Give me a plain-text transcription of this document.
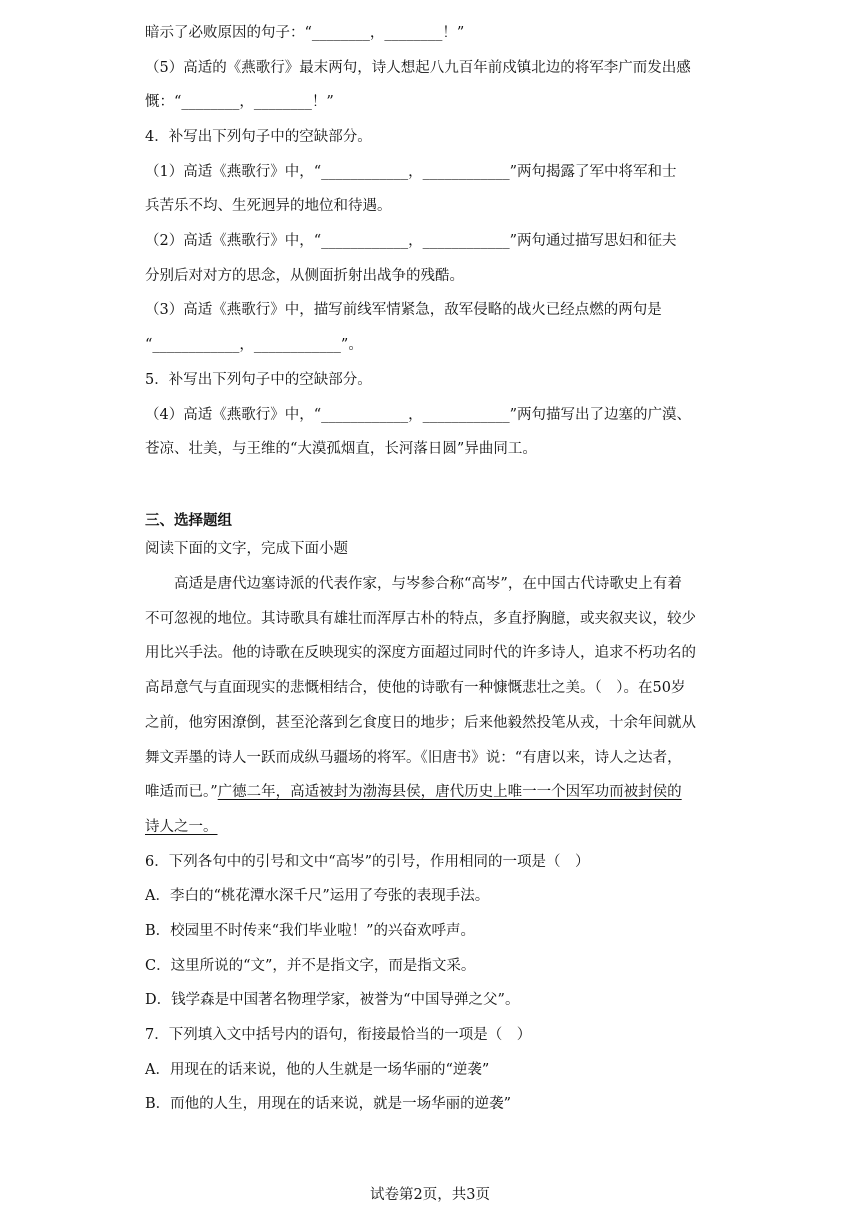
暗示了必败原因的句子：“________，________！”
（5）高适的《燕歌行》最末两句，诗人想起八九百年前戍镇北边的将军李广而发出感
慨：“________，________！”
4．补写出下列句子中的空缺部分。
（1）高适《燕歌行》中，“____________，____________”两句揭露了军中将军和士
兵苦乐不均、生死迥异的地位和待遇。
（2）高适《燕歌行》中，“____________，____________”两句通过描写思妇和征夫
分别后对对方的思念，从侧面折射出战争的残酷。
（3）高适《燕歌行》中，描写前线军情紧急，敌军侵略的战火已经点燃的两句是
“____________，____________”。
5．补写出下列句子中的空缺部分。
（4）高适《燕歌行》中，“____________，____________”两句描写出了边塞的广漠、
苍凉、壮美，与王维的“大漠孤烟直，长河落日圆”异曲同工。
三、选择题组
阅读下面的文字，完成下面小题
　　高适是唐代边塞诗派的代表作家，与岑参合称“高岑”，在中国古代诗歌史上有着
不可忽视的地位。其诗歌具有雄壮而浑厚古朴的特点，多直抒胸臆，或夹叙夹议，较少
用比兴手法。他的诗歌在反映现实的深度方面超过同时代的许多诗人，追求不朽功名的
高昂意气与直面现实的悲慨相结合，使他的诗歌有一种慷慨悲壮之美。（　）。在50岁
之前，他穷困潦倒，甚至沦落到乞食度日的地步；后来他毅然投笔从戎，十余年间就从
舞文弄墨的诗人一跃而成纵马疆场的将军。《旧唐书》说：“有唐以来，诗人之达者，
唯适而已。”广德二年，高适被封为渤海县侯，唐代历史上唯一一个因军功而被封侯的
诗人之一。
6．下列各句中的引号和文中“高岑”的引号，作用相同的一项是（　）
A．李白的“桃花潭水深千尺”运用了夸张的表现手法。
B．校园里不时传来“我们毕业啦！”的兴奋欢呼声。
C．这里所说的“文”，并不是指文字，而是指文采。
D．钱学森是中国著名物理学家，被誉为“中国导弹之父”。
7．下列填入文中括号内的语句，衔接最恰当的一项是（　）
A．用现在的话来说，他的人生就是一场华丽的“逆袭”
B．而他的人生，用现在的话来说，就是一场华丽的逆袭”
试卷第2页，共3页
